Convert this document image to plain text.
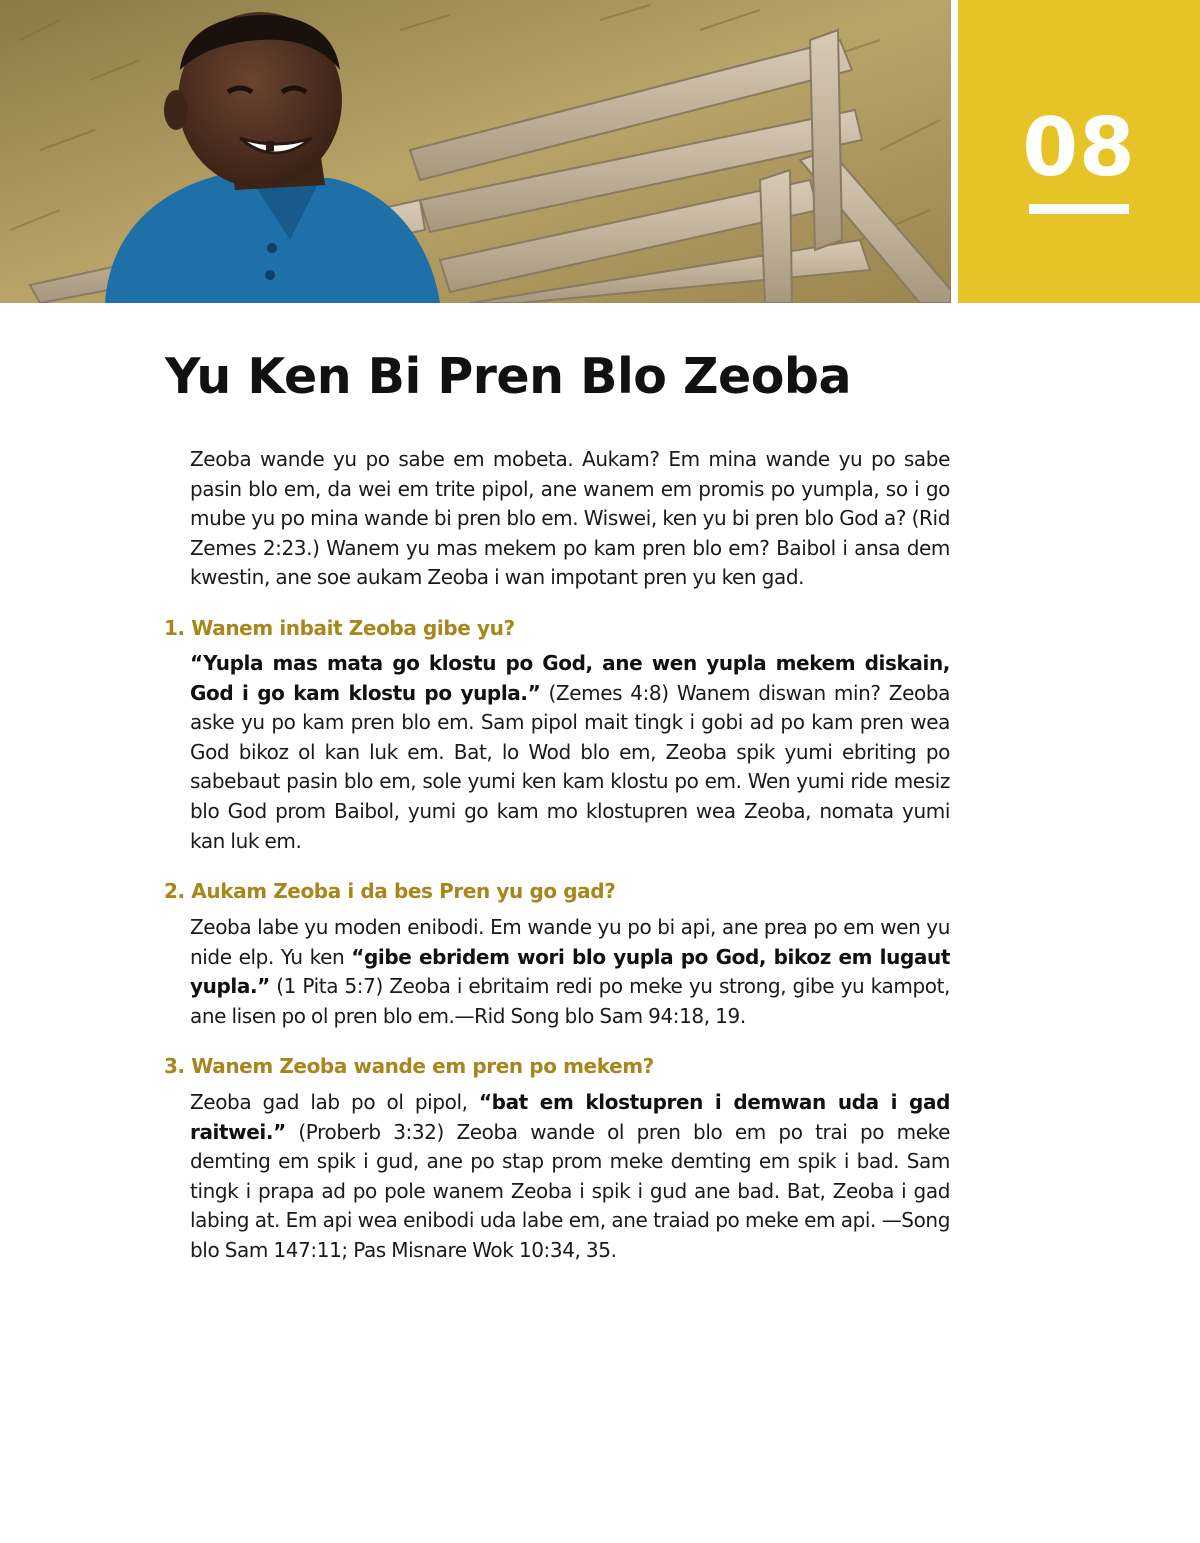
08
Yu Ken Bi Pren Blo Zeoba

Zeoba wande yu po sabe em mobeta. Aukam? Em mina wande yu po sabe pasin blo em, da wei em trite pipol, ane wanem em promis po yumpla, so i go mube yu po mina wande bi pren blo em. Wiswei, ken yu bi pren blo God a? (Rid Zemes 2:23.) Wanem yu mas mekem po kam pren blo em? Baibol i ansa dem kwestin, ane soe aukam Zeoba i wan impotant pren yu ken gad.

1. Wanem inbait Zeoba gibe yu?

“Yupla mas mata go klostu po God, ane wen yupla mekem diskain, God i go kam klostu po yupla.” (Zemes 4:8) Wanem diswan min? Zeoba aske yu po kam pren blo em. Sam pipol mait tingk i gobi ad po kam pren wea God bikoz ol kan luk em. Bat, lo Wod blo em, Zeoba spik yumi ebriting po sabebaut pasin blo em, sole yumi ken kam klostu po em. Wen yumi ride mesiz blo God prom Baibol, yumi go kam mo klostupren wea Zeoba, nomata yumi kan luk em.

2. Aukam Zeoba i da bes Pren yu go gad?

Zeoba labe yu moden enibodi. Em wande yu po bi api, ane prea po em wen yu nide elp. Yu ken “gibe ebridem wori blo yupla po God, bikoz em lugaut yupla.” (1 Pita 5:7) Zeoba i ebritaim redi po meke yu strong, gibe yu kampot, ane lisen po ol pren blo em.—Rid Song blo Sam 94:18, 19.

3. Wanem Zeoba wande em pren po mekem?

Zeoba gad lab po ol pipol, “bat em klostupren i demwan uda i gad raitwei.” (Proberb 3:32) Zeoba wande ol pren blo em po trai po meke demting em spik i gud, ane po stap prom meke demting em spik i bad. Sam tingk i prapa ad po pole wanem Zeoba i spik i gud ane bad. Bat, Zeoba i gad labing at. Em api wea enibodi uda labe em, ane traiad po meke em api. —Song blo Sam 147:11; Pas Misnare Wok 10:34, 35.
